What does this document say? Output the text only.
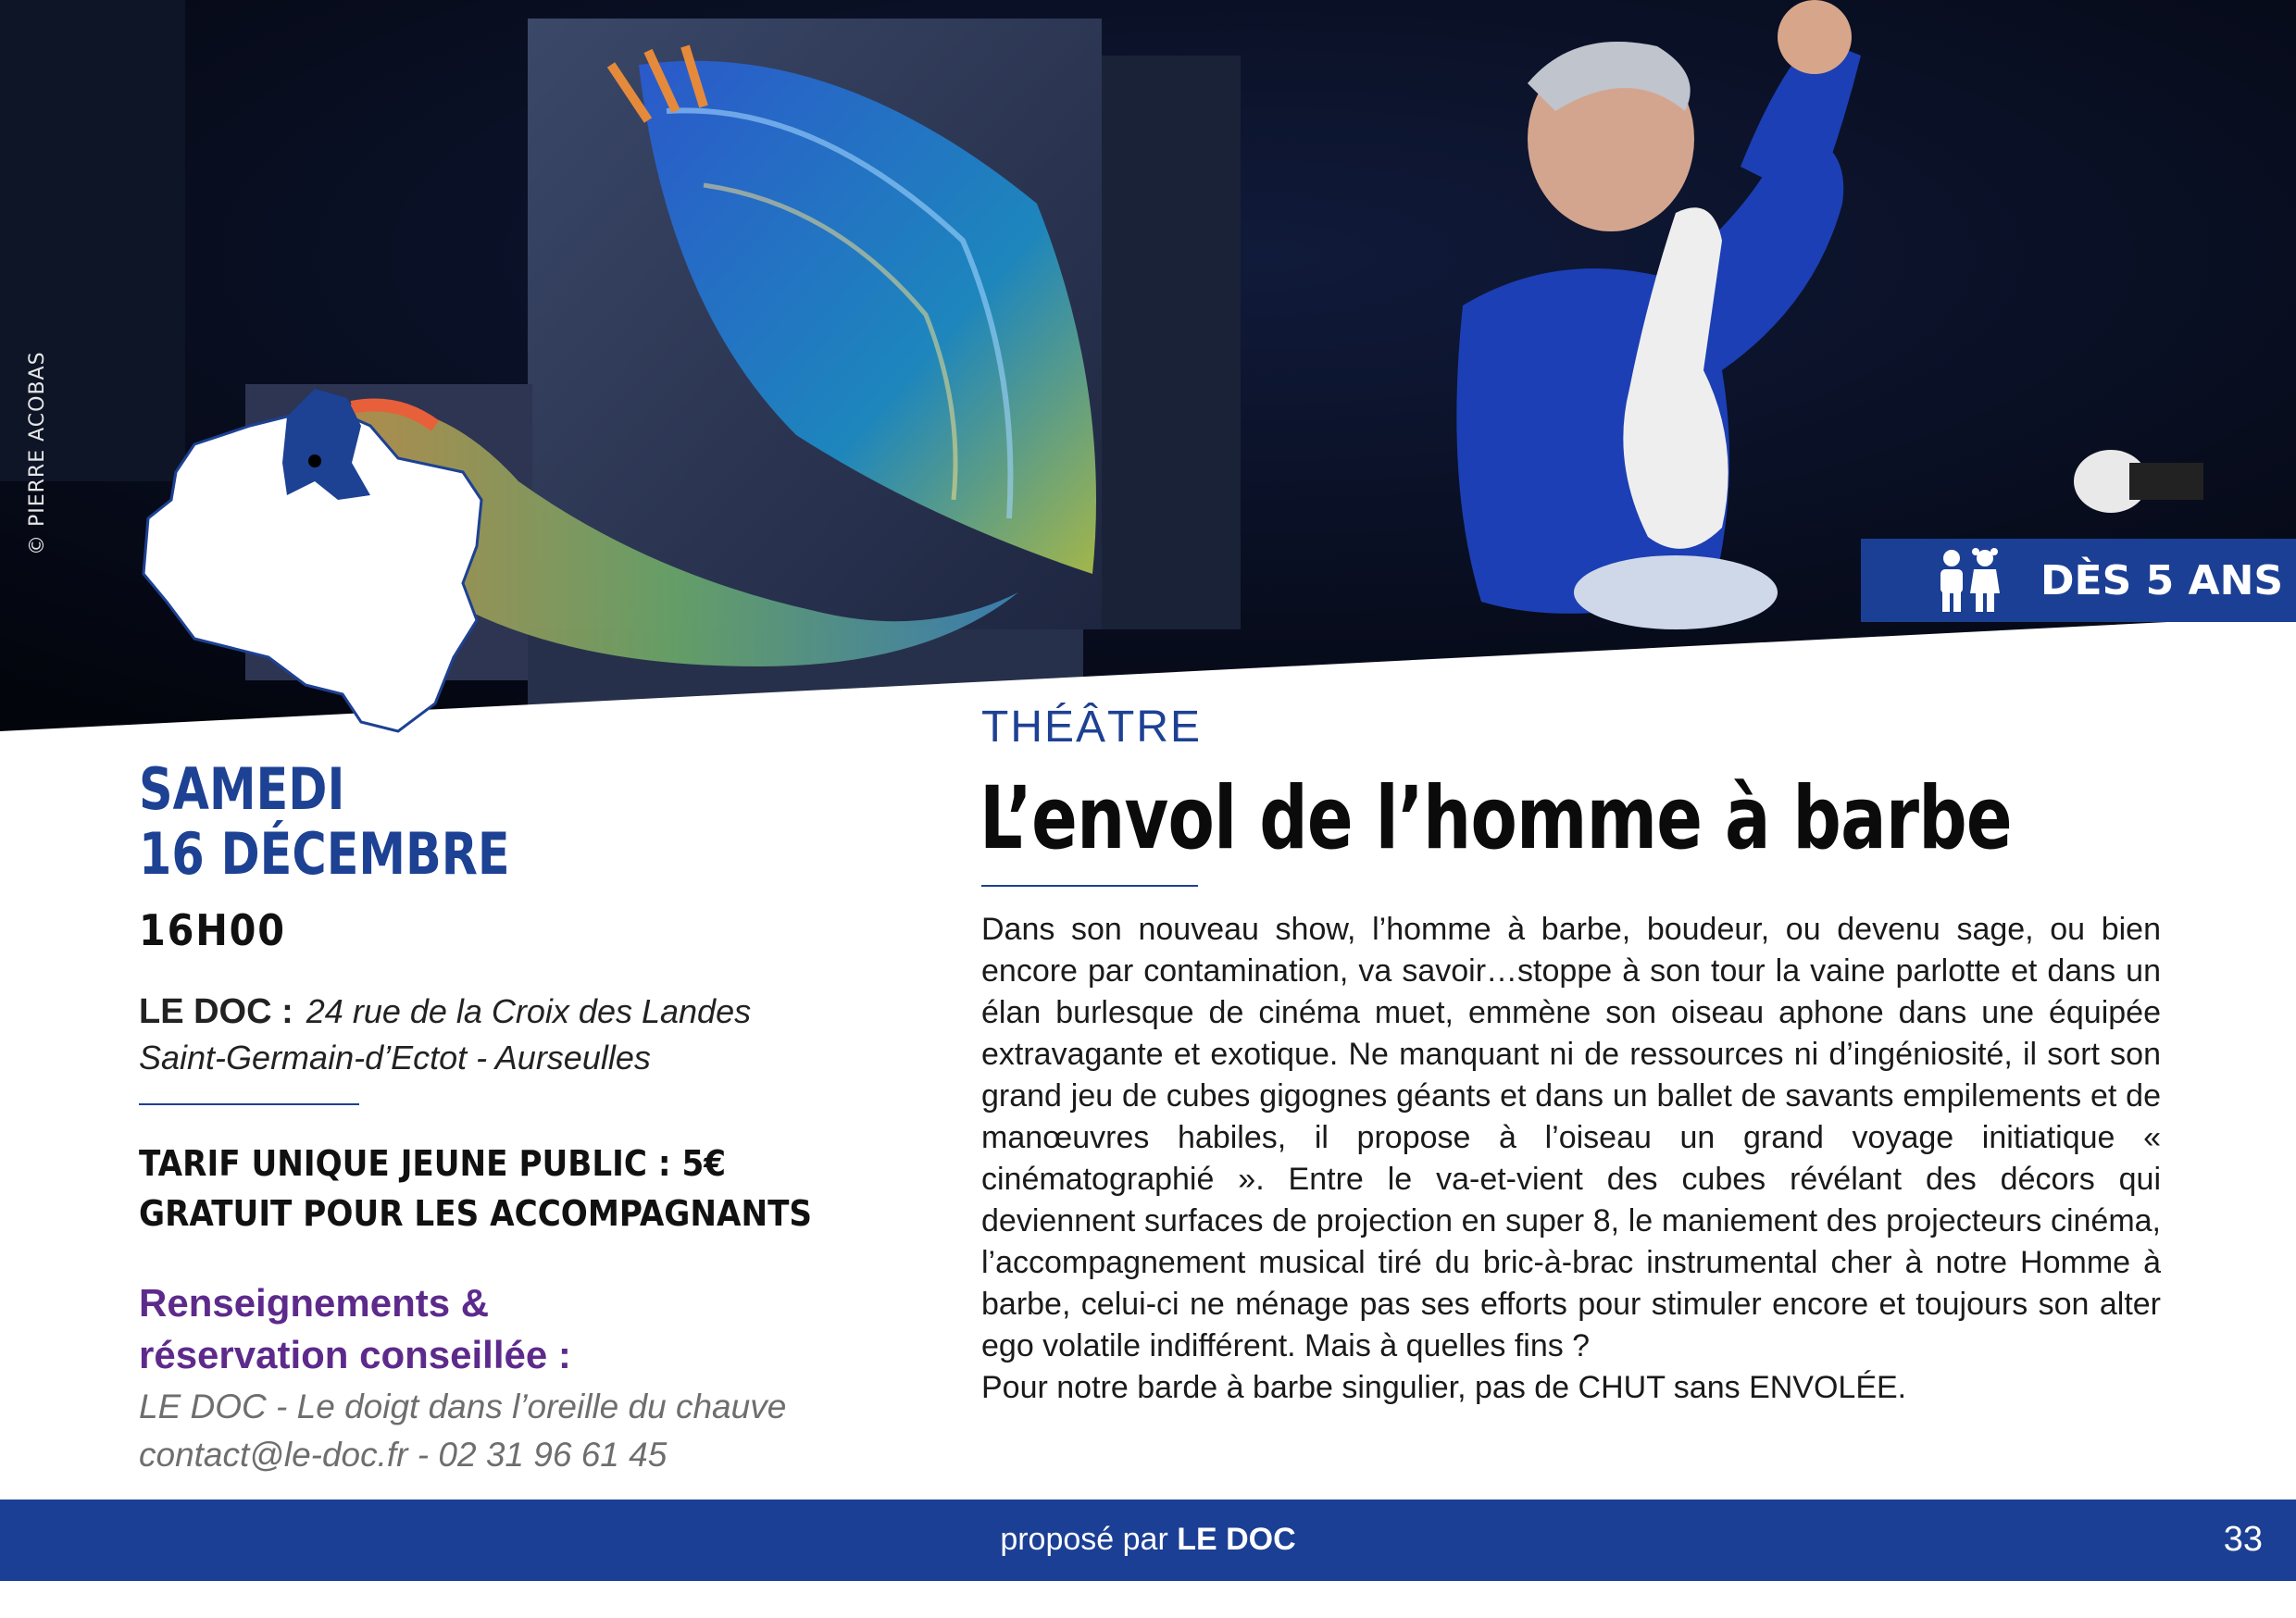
DÈS 5 ANS
SAMEDI
16 DÉCEMBRE
16H00
LE DOC : 24 rue de la Croix des Landes
Saint-Germain-d’Ectot - Aurseulles
TARIF UNIQUE JEUNE PUBLIC : 5€
GRATUIT POUR LES ACCOMPAGNANTS
Renseignements &
réservation conseillée :
LE DOC - Le doigt dans l’oreille du chauve
contact@le-doc.fr - 02 31 96 61 45
THÉÂTRE
L’envol de l’homme à barbe
Dans son nouveau show, l’homme à barbe, boudeur, ou devenu sage, ou bien encore par contamination, va savoir…stoppe à son tour la vaine parlotte et dans un élan burlesque de cinéma muet, emmène son oiseau aphone dans une équipée extravagante et exotique. Ne manquant ni de ressources ni d’ingéniosité, il sort son grand jeu de cubes gigognes géants et dans un ballet de savants empilements et de manœuvres habiles, il propose à l’oiseau un grand voyage initiatique « cinématographié ». Entre le va-et-vient des cubes révélant des décors qui deviennent surfaces de projection en super 8, le maniement des projecteurs cinéma, l’accompagnement musical tiré du bric-à-brac instrumental cher à notre Homme à barbe, celui-ci ne ménage pas ses efforts pour stimuler encore et toujours son alter ego volatile indifférent. Mais à quelles fins ?
Pour notre barde à barbe singulier, pas de CHUT sans ENVOLÉE.
proposé par LE DOC	33
